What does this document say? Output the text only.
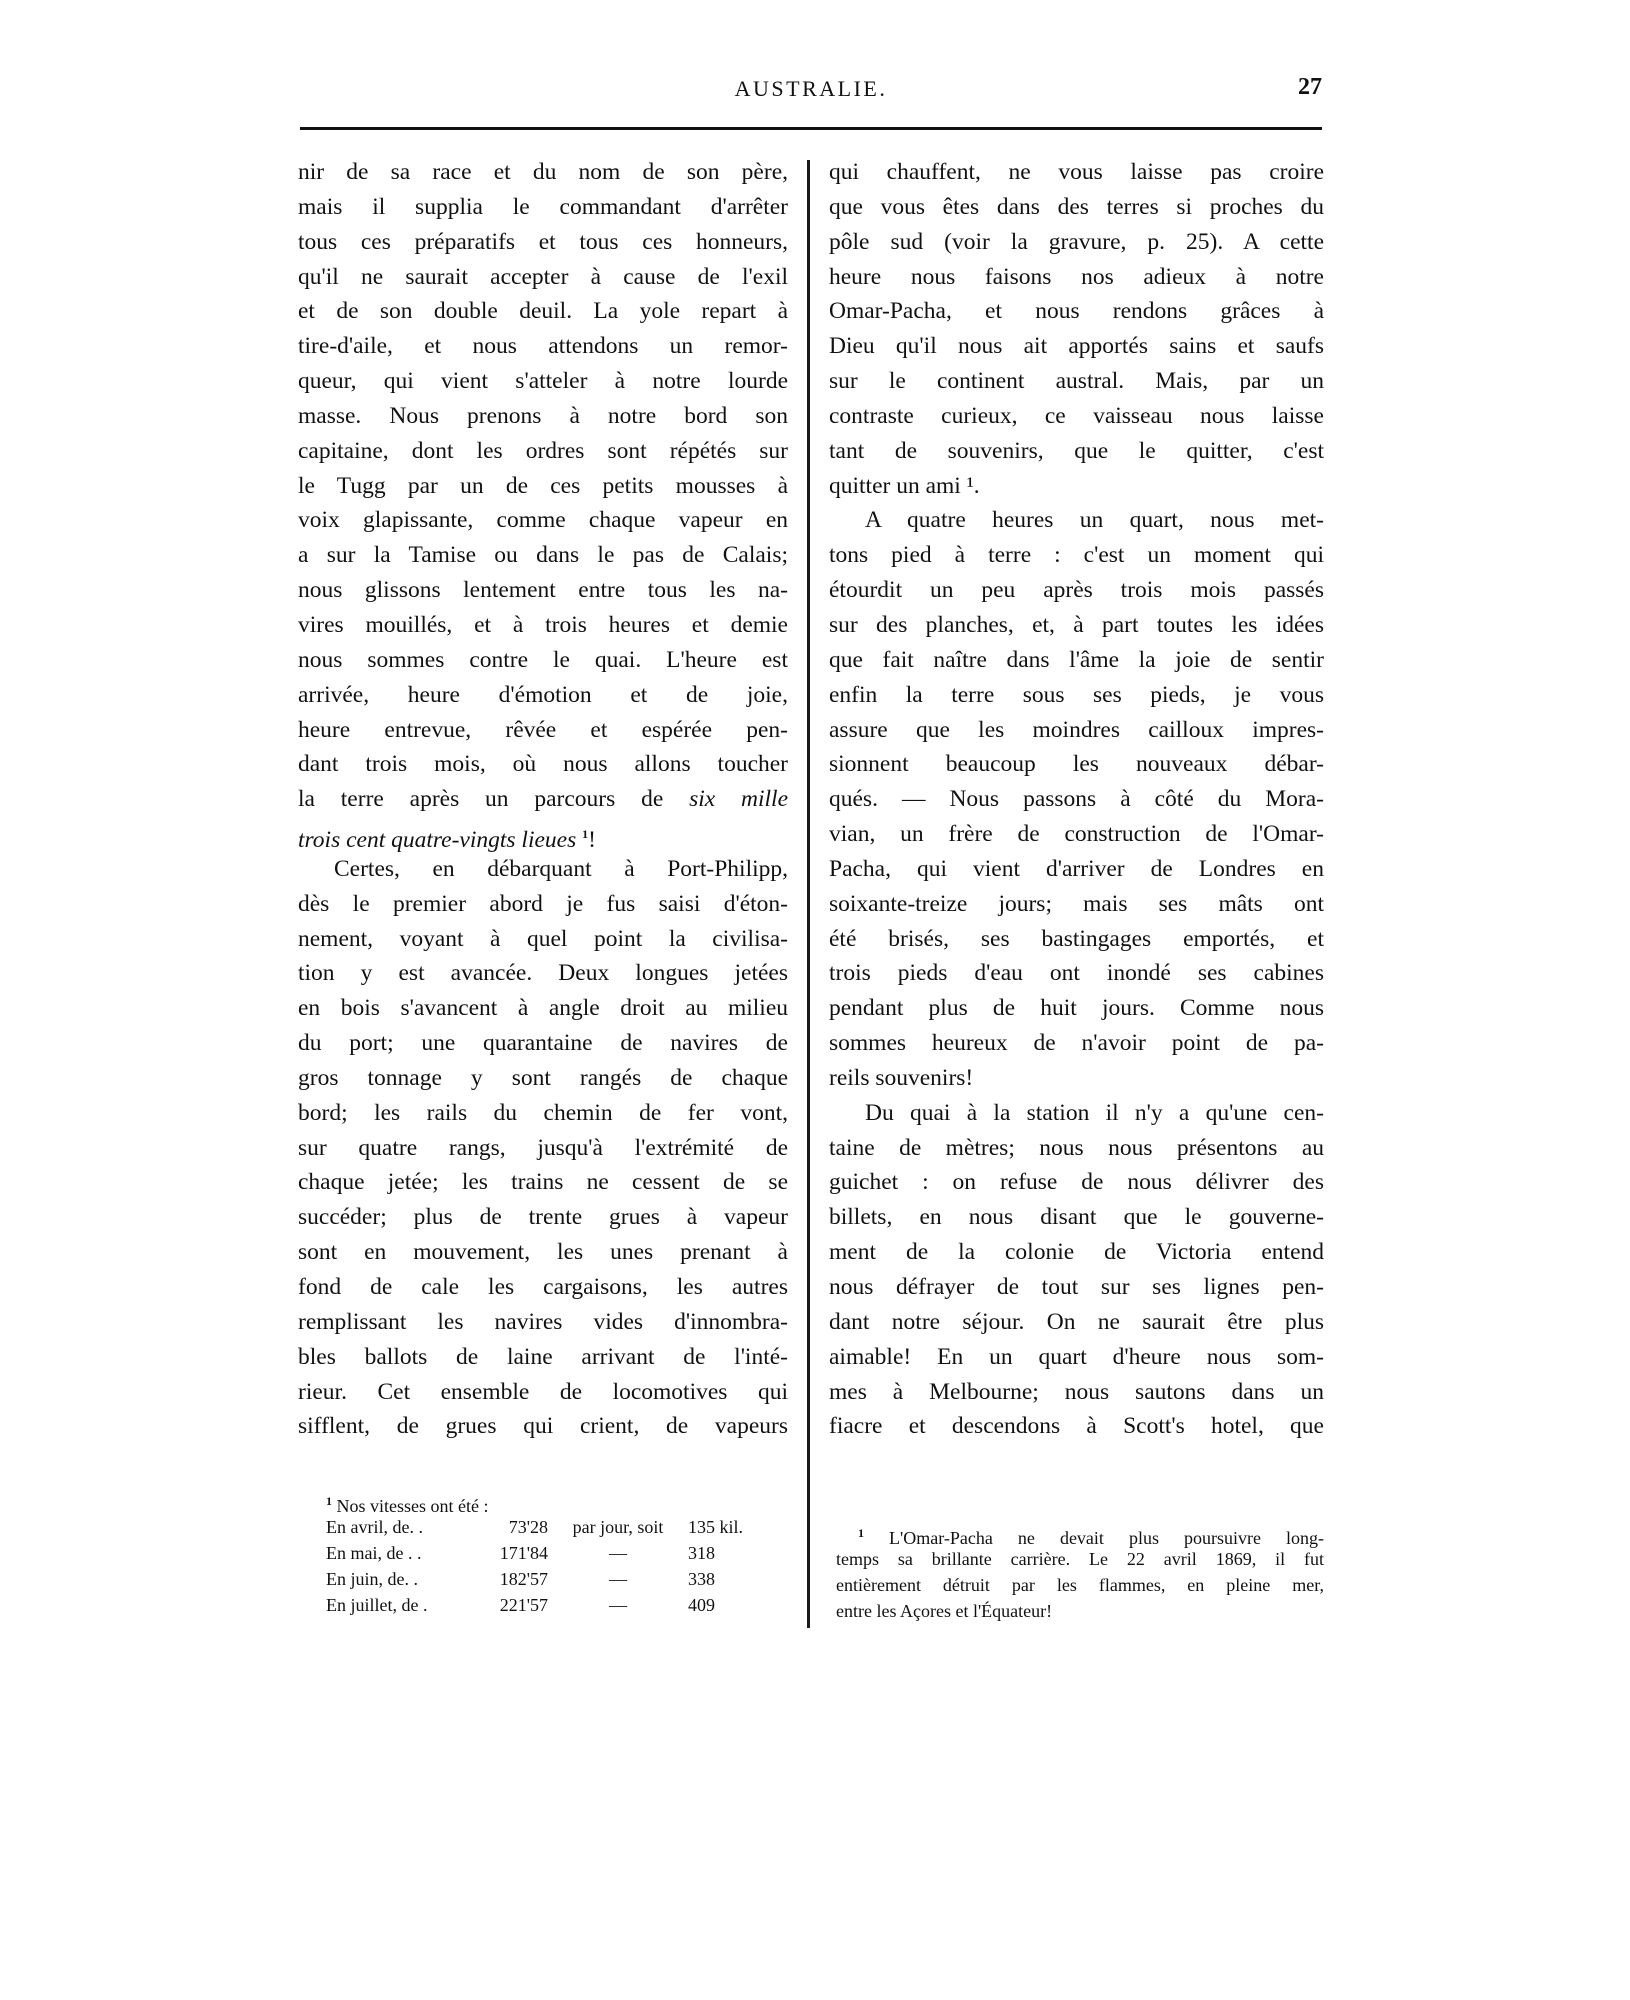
AUSTRALIE.	27
nir de sa race et du nom de son père,
mais il supplia le commandant d'arrêter
tous ces préparatifs et tous ces honneurs,
qu'il ne saurait accepter à cause de l'exil
et de son double deuil. La yole repart à
tire-d'aile, et nous attendons un remor-
queur, qui vient s'atteler à notre lourde
masse. Nous prenons à notre bord son
capitaine, dont les ordres sont répétés sur
le Tugg par un de ces petits mousses à
voix glapissante, comme chaque vapeur en
a sur la Tamise ou dans le pas de Calais;
nous glissons lentement entre tous les na-
vires mouillés, et à trois heures et demie
nous sommes contre le quai. L'heure est
arrivée, heure d'émotion et de joie,
heure entrevue, rêvée et espérée pen-
dant trois mois, où nous allons toucher
la terre après un parcours de six mille
trois cent quatre-vingts lieues $^1$!
Certes, en débarquant à Port-Philipp,
dès le premier abord je fus saisi d'éton-
nement, voyant à quel point la civilisa-
tion y est avancée. Deux longues jetées
en bois s'avancent à angle droit au milieu
du port; une quarantaine de navires de
gros tonnage y sont rangés de chaque
bord; les rails du chemin de fer vont,
sur quatre rangs, jusqu'à l'extrémité de
chaque jetée; les trains ne cessent de se
succéder; plus de trente grues à vapeur
sont en mouvement, les unes prenant à
fond de cale les cargaisons, les autres
remplissant les navires vides d'innombra-
bles ballots de laine arrivant de l'inté-
rieur. Cet ensemble de locomotives qui
sifflent, de grues qui crient, de vapeurs
qui chauffent, ne vous laisse pas croire
que vous êtes dans des terres si proches du
pôle sud (voir la gravure, p. 25). A cette
heure nous faisons nos adieux à notre
Omar-Pacha, et nous rendons grâces à
Dieu qu'il nous ait apportés sains et saufs
sur le continent austral. Mais, par un
contraste curieux, ce vaisseau nous laisse
tant de souvenirs, que le quitter, c'est
quitter un ami ¹.
A quatre heures un quart, nous met-
tons pied à terre : c'est un moment qui
étourdit un peu après trois mois passés
sur des planches, et, à part toutes les idées
que fait naître dans l'âme la joie de sentir
enfin la terre sous ses pieds, je vous
assure que les moindres cailloux impres-
sionnent beaucoup les nouveaux débar-
qués. — Nous passons à côté du Mora-
vian, un frère de construction de l'Omar-
Pacha, qui vient d'arriver de Londres en
soixante-treize jours; mais ses mâts ont
été brisés, ses bastingages emportés, et
trois pieds d'eau ont inondé ses cabines
pendant plus de huit jours. Comme nous
sommes heureux de n'avoir point de pa-
reils souvenirs!
Du quai à la station il n'y a qu'une cen-
taine de mètres; nous nous présentons au
guichet : on refuse de nous délivrer des
billets, en nous disant que le gouverne-
ment de la colonie de Victoria entend
nous défrayer de tout sur ses lignes pen-
dant notre séjour. On ne saurait être plus
aimable! En un quart d'heure nous som-
mes à Melbourne; nous sautons dans un
fiacre et descendons à Scott's hotel, que
$^1$ Nos vitesses ont été :
En avril, de. .	73'28	par jour, soit	135 kil.
En mai, de . .	171'84	—	318
En juin, de. .	182'57	—	338
En juillet, de .	221'57	—	409
$^1$ L'Omar-Pacha ne devait plus poursuivre long-
temps sa brillante carrière. Le 22 avril 1869, il fut
entièrement détruit par les flammes, en pleine mer,
entre les Açores et l'Équateur!
